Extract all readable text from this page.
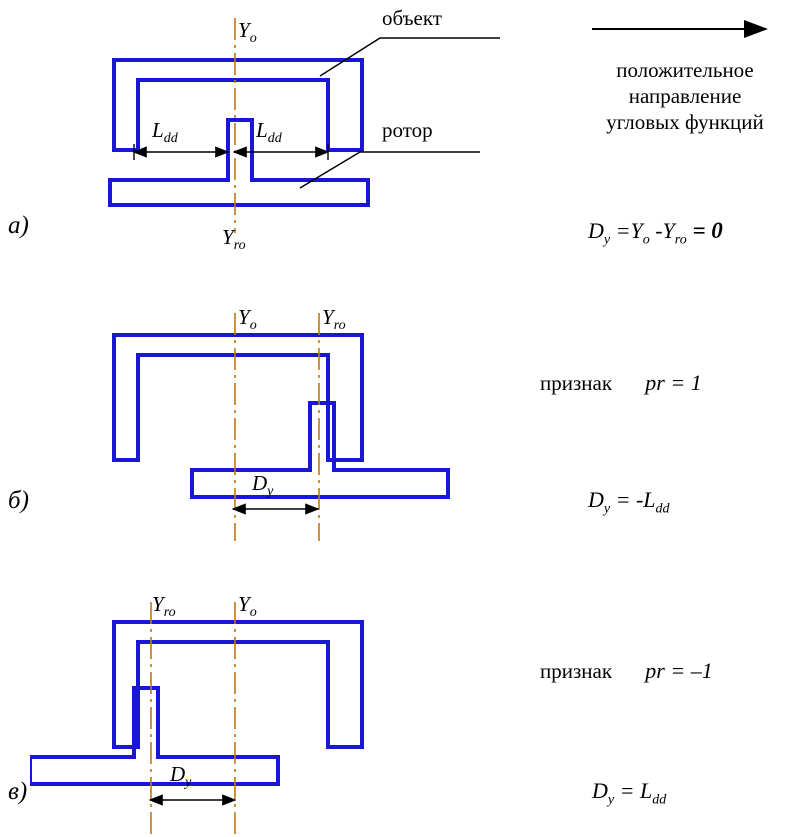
$Y_o$
$Y_{ro}$
$L_{dd}$	$L_{dd}$
объект
ротор
а)
положительное
направление
угловых функций
$D_y =Y_o$ $-Y_{ro} = 0$
$Y_o$	$Y_{ro}$
$D_y$
б)
признак pr = 1
$D_y = -L_{dd}$
$Y_{ro}$	$Y_o$
$D_y$
в)
признак pr = –1
$D_y = L_{dd}$
